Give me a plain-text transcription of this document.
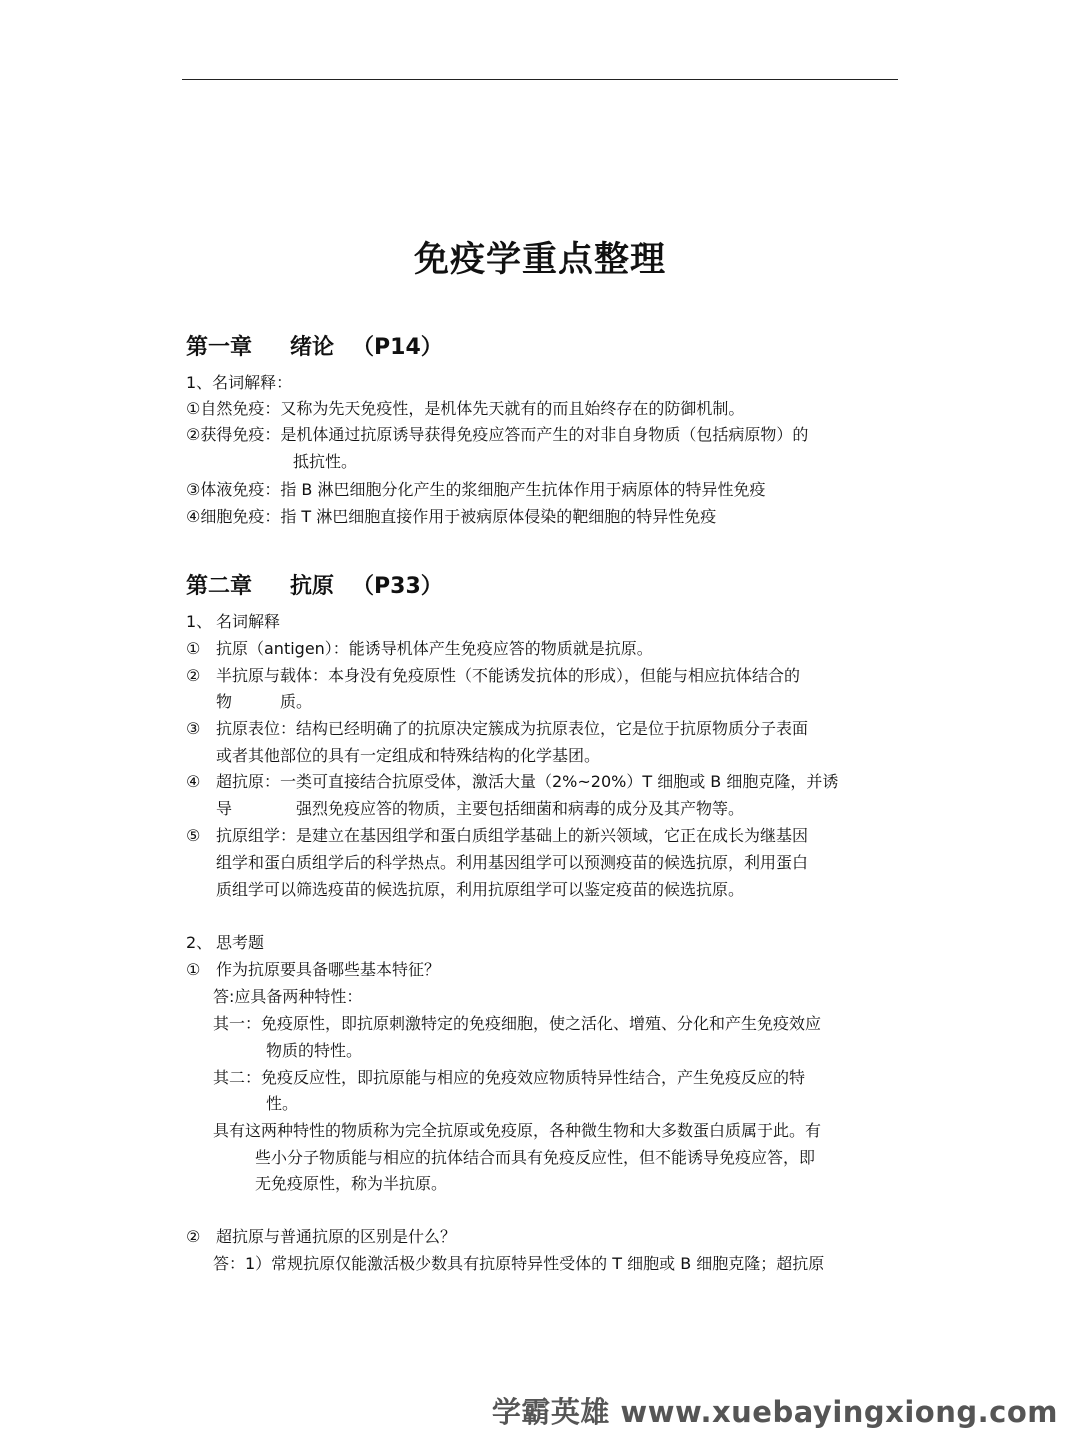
免疫学重点整理
第一章 绪论 （P14）
1、名词解释：
①自然免疫：又称为先天免疫性，是机体先天就有的而且始终存在的防御机制。
②获得免疫：是机体通过抗原诱导获得免疫应答而产生的对非自身物质（包括病原物）的
抵抗性。
③体液免疫：指 B 淋巴细胞分化产生的浆细胞产生抗体作用于病原体的特异性免疫
④细胞免疫：指 T 淋巴细胞直接作用于被病原体侵染的靶细胞的特异性免疫
第二章 抗原 （P33）
1、 名词解释
① 抗原（antigen）：能诱导机体产生免疫应答的物质就是抗原。
② 半抗原与载体：本身没有免疫原性（不能诱发抗体的形成），但能与相应抗体结合的
物　　　质。
③ 抗原表位：结构已经明确了的抗原决定簇成为抗原表位，它是位于抗原物质分子表面
或者其他部位的具有一定组成和特殊结构的化学基团。
④ 超抗原：一类可直接结合抗原受体，激活大量（2%~20%）T 细胞或 B 细胞克隆，并诱
导　　　　强烈免疫应答的物质，主要包括细菌和病毒的成分及其产物等。
⑤ 抗原组学：是建立在基因组学和蛋白质组学基础上的新兴领域，它正在成长为继基因
组学和蛋白质组学后的科学热点。利用基因组学可以预测疫苗的候选抗原，利用蛋白
质组学可以筛选疫苗的候选抗原，利用抗原组学可以鉴定疫苗的候选抗原。
2、 思考题
① 作为抗原要具备哪些基本特征？
答:应具备两种特性：
其一：免疫原性，即抗原刺激特定的免疫细胞，使之活化、增殖、分化和产生免疫效应
物质的特性。
其二：免疫反应性，即抗原能与相应的免疫效应物质特异性结合，产生免疫反应的特
性。
具有这两种特性的物质称为完全抗原或免疫原，各种微生物和大多数蛋白质属于此。有
些小分子物质能与相应的抗体结合而具有免疫反应性，但不能诱导免疫应答，即
无免疫原性，称为半抗原。
② 超抗原与普通抗原的区别是什么？
答：1）常规抗原仅能激活极少数具有抗原特异性受体的 T 细胞或 B 细胞克隆；超抗原
学霸英雄 www.xuebayingxiong.com
